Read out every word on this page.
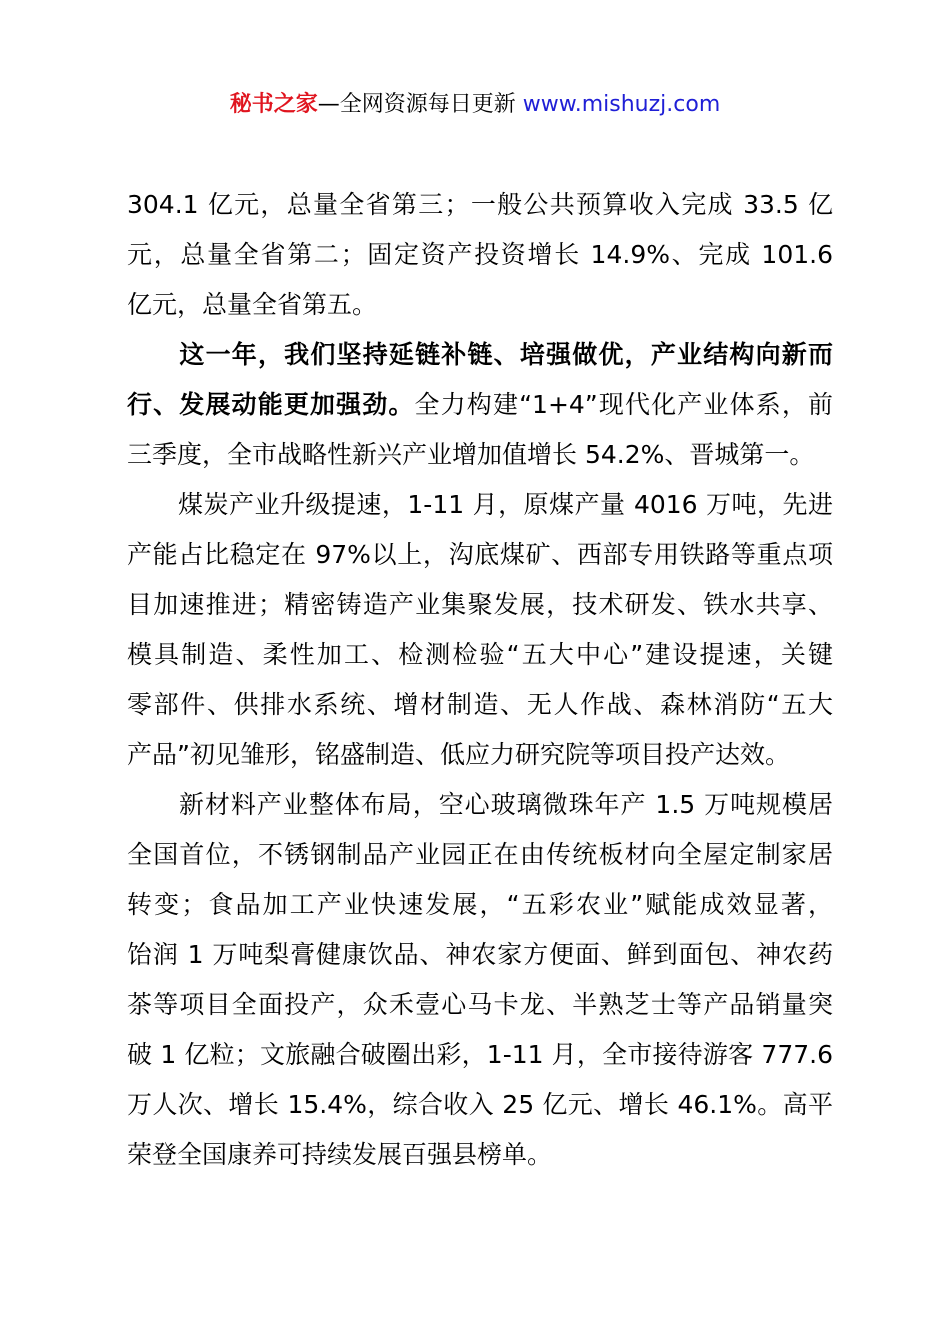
秘书之家—全网资源每日更新 www.mishuzj.com

304.1 亿元，总量全省第三；一般公共预算收入完成 33.5 亿
元，总量全省第二；固定资产投资增长 14.9%、完成 101.6
亿元，总量全省第五。

　　这一年，我们坚持延链补链、培强做优，产业结构向新而
行、发展动能更加强劲。全力构建“1+4”现代化产业体系，前
三季度，全市战略性新兴产业增加值增长 54.2%、晋城第一。

　　煤炭产业升级提速，1-11 月，原煤产量 4016 万吨，先进
产能占比稳定在 97%以上，沟底煤矿、西部专用铁路等重点项
目加速推进；精密铸造产业集聚发展，技术研发、铁水共享、
模具制造、柔性加工、检测检验“五大中心”建设提速，关键
零部件、供排水系统、增材制造、无人作战、森林消防“五大
产品”初见雏形，铭盛制造、低应力研究院等项目投产达效。

　　新材料产业整体布局，空心玻璃微珠年产 1.5 万吨规模居
全国首位，不锈钢制品产业园正在由传统板材向全屋定制家居
转变；食品加工产业快速发展，“五彩农业”赋能成效显著，
饴润 1 万吨梨膏健康饮品、神农家方便面、鲜到面包、神农药
茶等项目全面投产，众禾壹心马卡龙、半熟芝士等产品销量突
破 1 亿粒；文旅融合破圈出彩，1-11 月，全市接待游客 777.6
万人次、增长 15.4%，综合收入 25 亿元、增长 46.1%。高平
荣登全国康养可持续发展百强县榜单。
